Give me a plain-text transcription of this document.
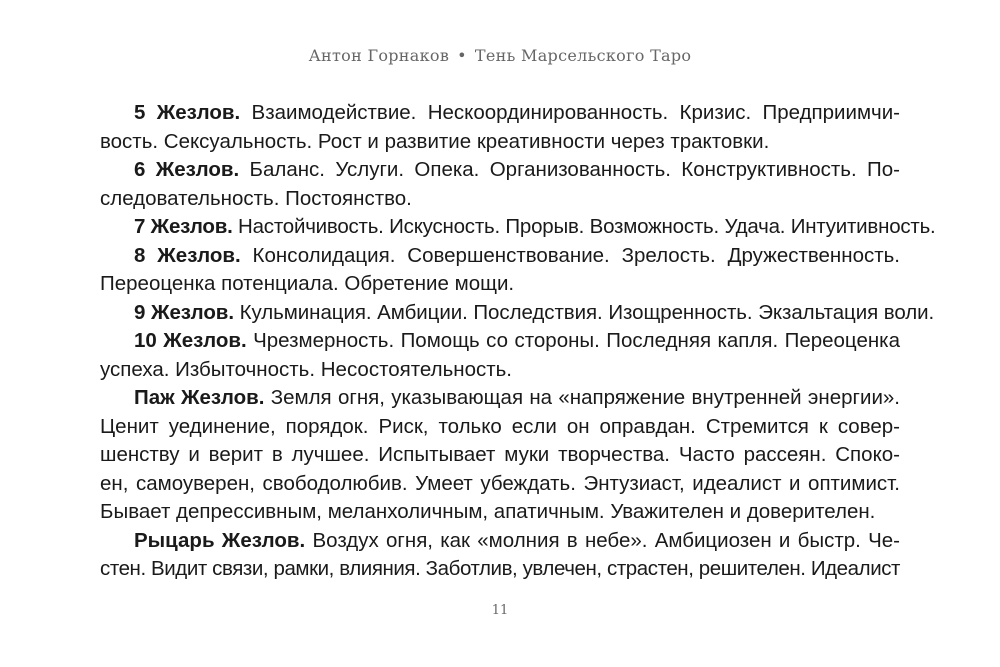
Антон Горнаков • Тень Марсельского Таро

5 Жезлов. Взаимодействие. Нескоординированность. Кризис. Предприимчи-
вость. Сексуальность. Рост и развитие креативности через трактовки.

6 Жезлов. Баланс. Услуги. Опека. Организованность. Конструктивность. По-
следовательность. Постоянство.

7 Жезлов. Настойчивость. Искусность. Прорыв. Возможность. Удача. Интуитивность.

8 Жезлов. Консолидация. Совершенствование. Зрелость. Дружественность.
Переоценка потенциала. Обретение мощи.

9 Жезлов. Кульминация. Амбиции. Последствия. Изощренность. Экзальтация воли.

10 Жезлов. Чрезмерность. Помощь со стороны. Последняя капля. Переоценка
успеха. Избыточность. Несостоятельность.

Паж Жезлов. Земля огня, указывающая на «напряжение внутренней энергии».
Ценит уединение, порядок. Риск, только если он оправдан. Стремится к совер-
шенству и верит в лучшее. Испытывает муки творчества. Часто рассеян. Споко-
ен, самоуверен, свободолюбив. Умеет убеждать. Энтузиаст, идеалист и оптимист.
Бывает депрессивным, меланхоличным, апатичным. Уважителен и доверителен.

Рыцарь Жезлов. Воздух огня, как «молния в небе». Амбициозен и быстр. Че-
стен. Видит связи, рамки, влияния. Заботлив, увлечен, страстен, решителен. Идеалист

11
